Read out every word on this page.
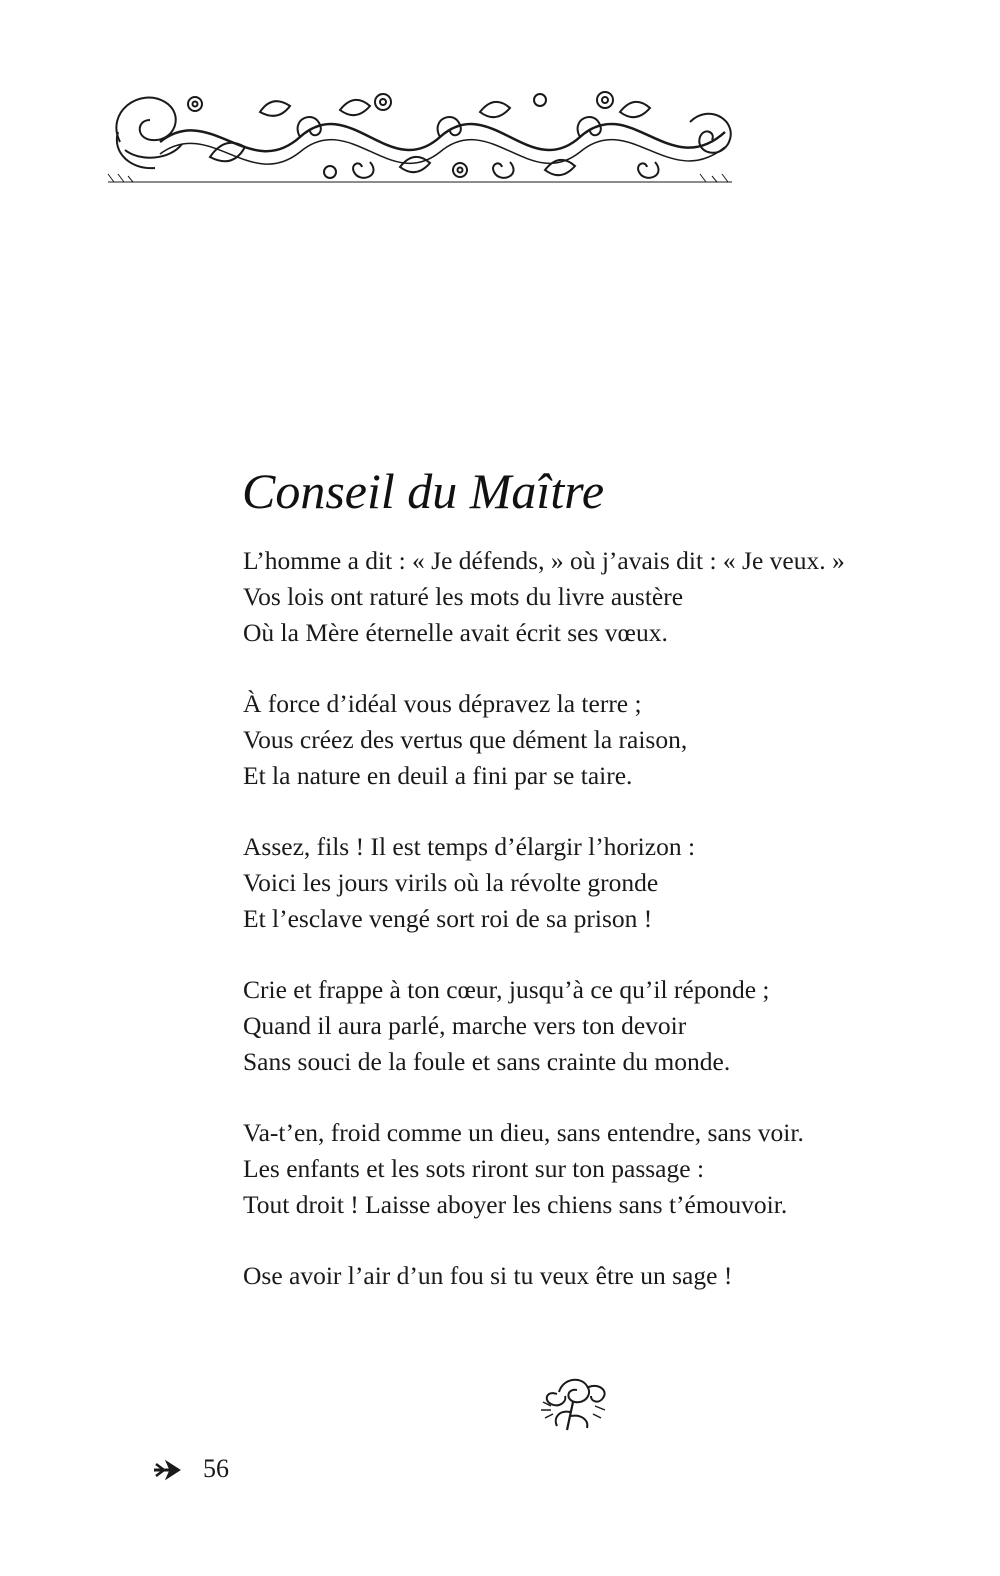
Conseil du Maître
L’homme a dit : « Je défends, » où j’avais dit : « Je veux. »
Vos lois ont raturé les mots du livre austère
Où la Mère éternelle avait écrit ses vœux.
À force d’idéal vous dépravez la terre ;
Vous créez des vertus que dément la raison,
Et la nature en deuil a fini par se taire.
Assez, fils ! Il est temps d’élargir l’horizon :
Voici les jours virils où la révolte gronde
Et l’esclave vengé sort roi de sa prison !
Crie et frappe à ton cœur, jusqu’à ce qu’il réponde ;
Quand il aura parlé, marche vers ton devoir
Sans souci de la foule et sans crainte du monde.
Va-t’en, froid comme un dieu, sans entendre, sans voir.
Les enfants et les sots riront sur ton passage :
Tout droit ! Laisse aboyer les chiens sans t’émouvoir.
Ose avoir l’air d’un fou si tu veux être un sage !
56
